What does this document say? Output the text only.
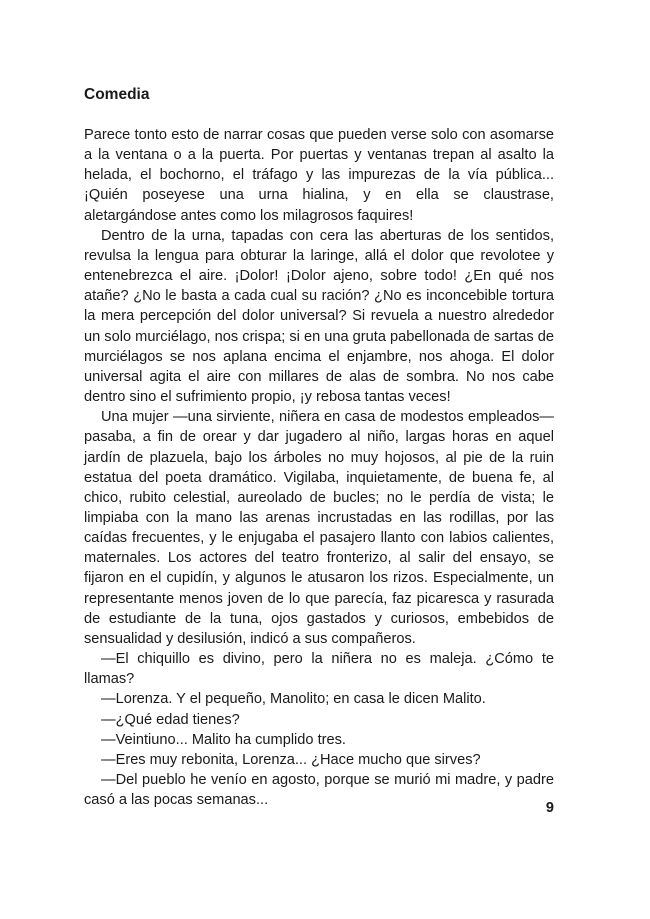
Comedia

Parece tonto esto de narrar cosas que pueden verse solo con asomarse a la ventana o a la puerta. Por puertas y ventanas trepan al asalto la helada, el bochorno, el tráfago y las impurezas de la vía pública... ¡Quién poseyese una urna hialina, y en ella se claustrase, aletargándose antes como los milagrosos faquires!

Dentro de la urna, tapadas con cera las aberturas de los sentidos, revulsa la lengua para obturar la laringe, allá el dolor que revolotee y entenebrezca el aire. ¡Dolor! ¡Dolor ajeno, sobre todo! ¿En qué nos atañe? ¿No le basta a cada cual su ración? ¿No es inconcebible tortura la mera percepción del dolor universal? Si revuela a nuestro alrededor un solo murciélago, nos crispa; si en una gruta pabellonada de sartas de murciélagos se nos aplana encima el enjambre, nos ahoga. El dolor universal agita el aire con millares de alas de sombra. No nos cabe dentro sino el sufrimiento propio, ¡y rebosa tantas veces!

Una mujer —una sirviente, niñera en casa de modestos empleados— pasaba, a fin de orear y dar jugadero al niño, largas horas en aquel jardín de plazuela, bajo los árboles no muy hojosos, al pie de la ruin estatua del poeta dramático. Vigilaba, inquietamente, de buena fe, al chico, rubito celestial, aureolado de bucles; no le perdía de vista; le limpiaba con la mano las arenas incrustadas en las rodillas, por las caídas frecuentes, y le enjugaba el pasajero llanto con labios calientes, maternales. Los actores del teatro fronterizo, al salir del ensayo, se fijaron en el cupidín, y algunos le atusaron los rizos. Especialmente, un representante menos joven de lo que parecía, faz picaresca y rasurada de estudiante de la tuna, ojos gastados y curiosos, embebidos de sensualidad y desilusión, indicó a sus compañeros.

—El chiquillo es divino, pero la niñera no es maleja. ¿Cómo te llamas?

—Lorenza. Y el pequeño, Manolito; en casa le dicen Malito.

—¿Qué edad tienes?

—Veintiuno... Malito ha cumplido tres.

—Eres muy rebonita, Lorenza... ¿Hace mucho que sirves?

—Del pueblo he venío en agosto, porque se murió mi madre, y padre casó a las pocas semanas...	9
